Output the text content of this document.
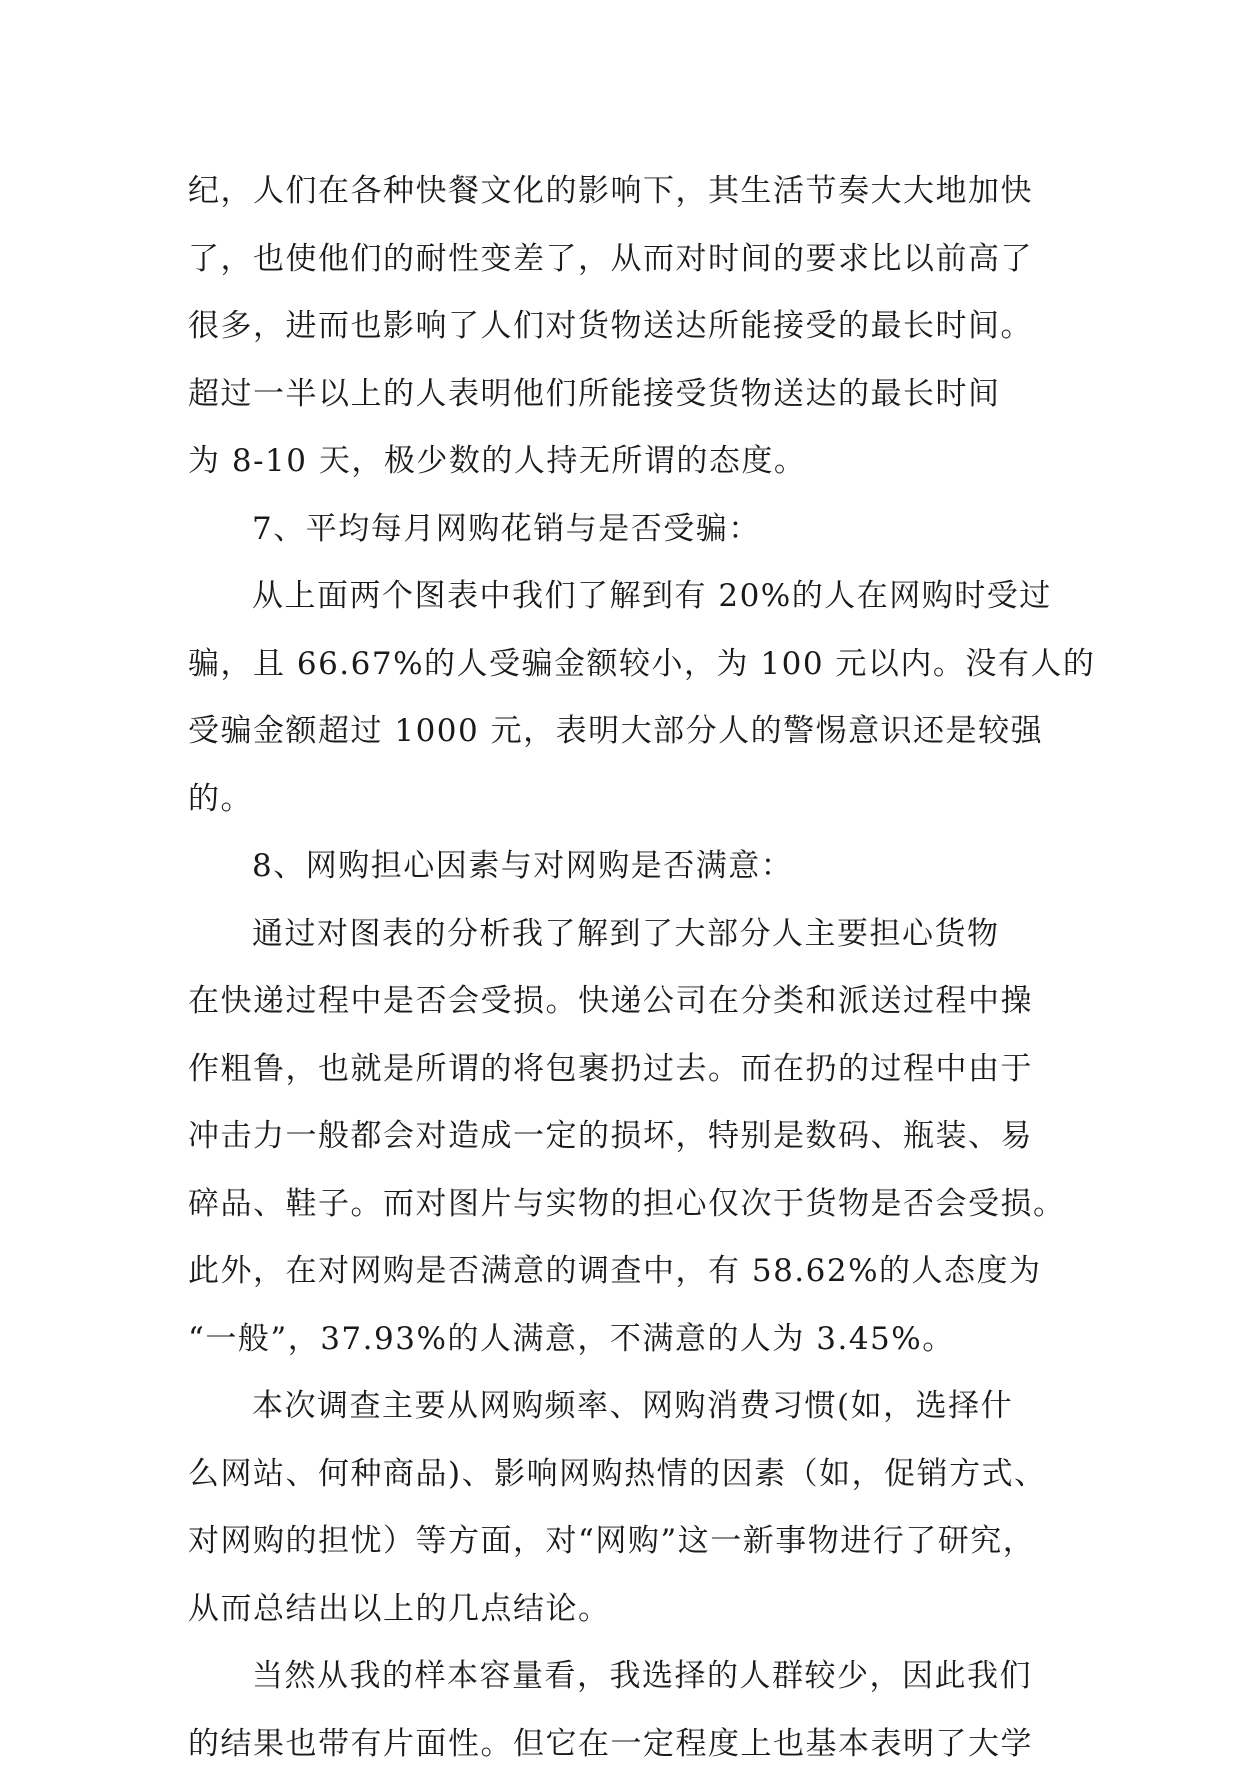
纪，人们在各种快餐文化的影响下，其生活节奏大大地加快
了，也使他们的耐性变差了，从而对时间的要求比以前高了
很多，进而也影响了人们对货物送达所能接受的最长时间。
超过一半以上的人表明他们所能接受货物送达的最长时间
为 8-10 天，极少数的人持无所谓的态度。
7、平均每月网购花销与是否受骗：
从上面两个图表中我们了解到有 20%的人在网购时受过
骗，且 66.67%的人受骗金额较小，为 100 元以内。没有人的
受骗金额超过 1000 元，表明大部分人的警惕意识还是较强
的。
8、网购担心因素与对网购是否满意：
通过对图表的分析我了解到了大部分人主要担心货物
在快递过程中是否会受损。快递公司在分类和派送过程中操
作粗鲁，也就是所谓的将包裹扔过去。而在扔的过程中由于
冲击力一般都会对造成一定的损坏，特别是数码、瓶装、易
碎品、鞋子。而对图片与实物的担心仅次于货物是否会受损。
此外，在对网购是否满意的调查中，有 58.62%的人态度为
“一般”，37.93%的人满意，不满意的人为 3.45%。
本次调查主要从网购频率、网购消费习惯(如，选择什
么网站、何种商品)、影响网购热情的因素（如，促销方式、
对网购的担忧）等方面，对“网购”这一新事物进行了研究，
从而总结出以上的几点结论。
当然从我的样本容量看，我选择的人群较少，因此我们
的结果也带有片面性。但它在一定程度上也基本表明了大学
